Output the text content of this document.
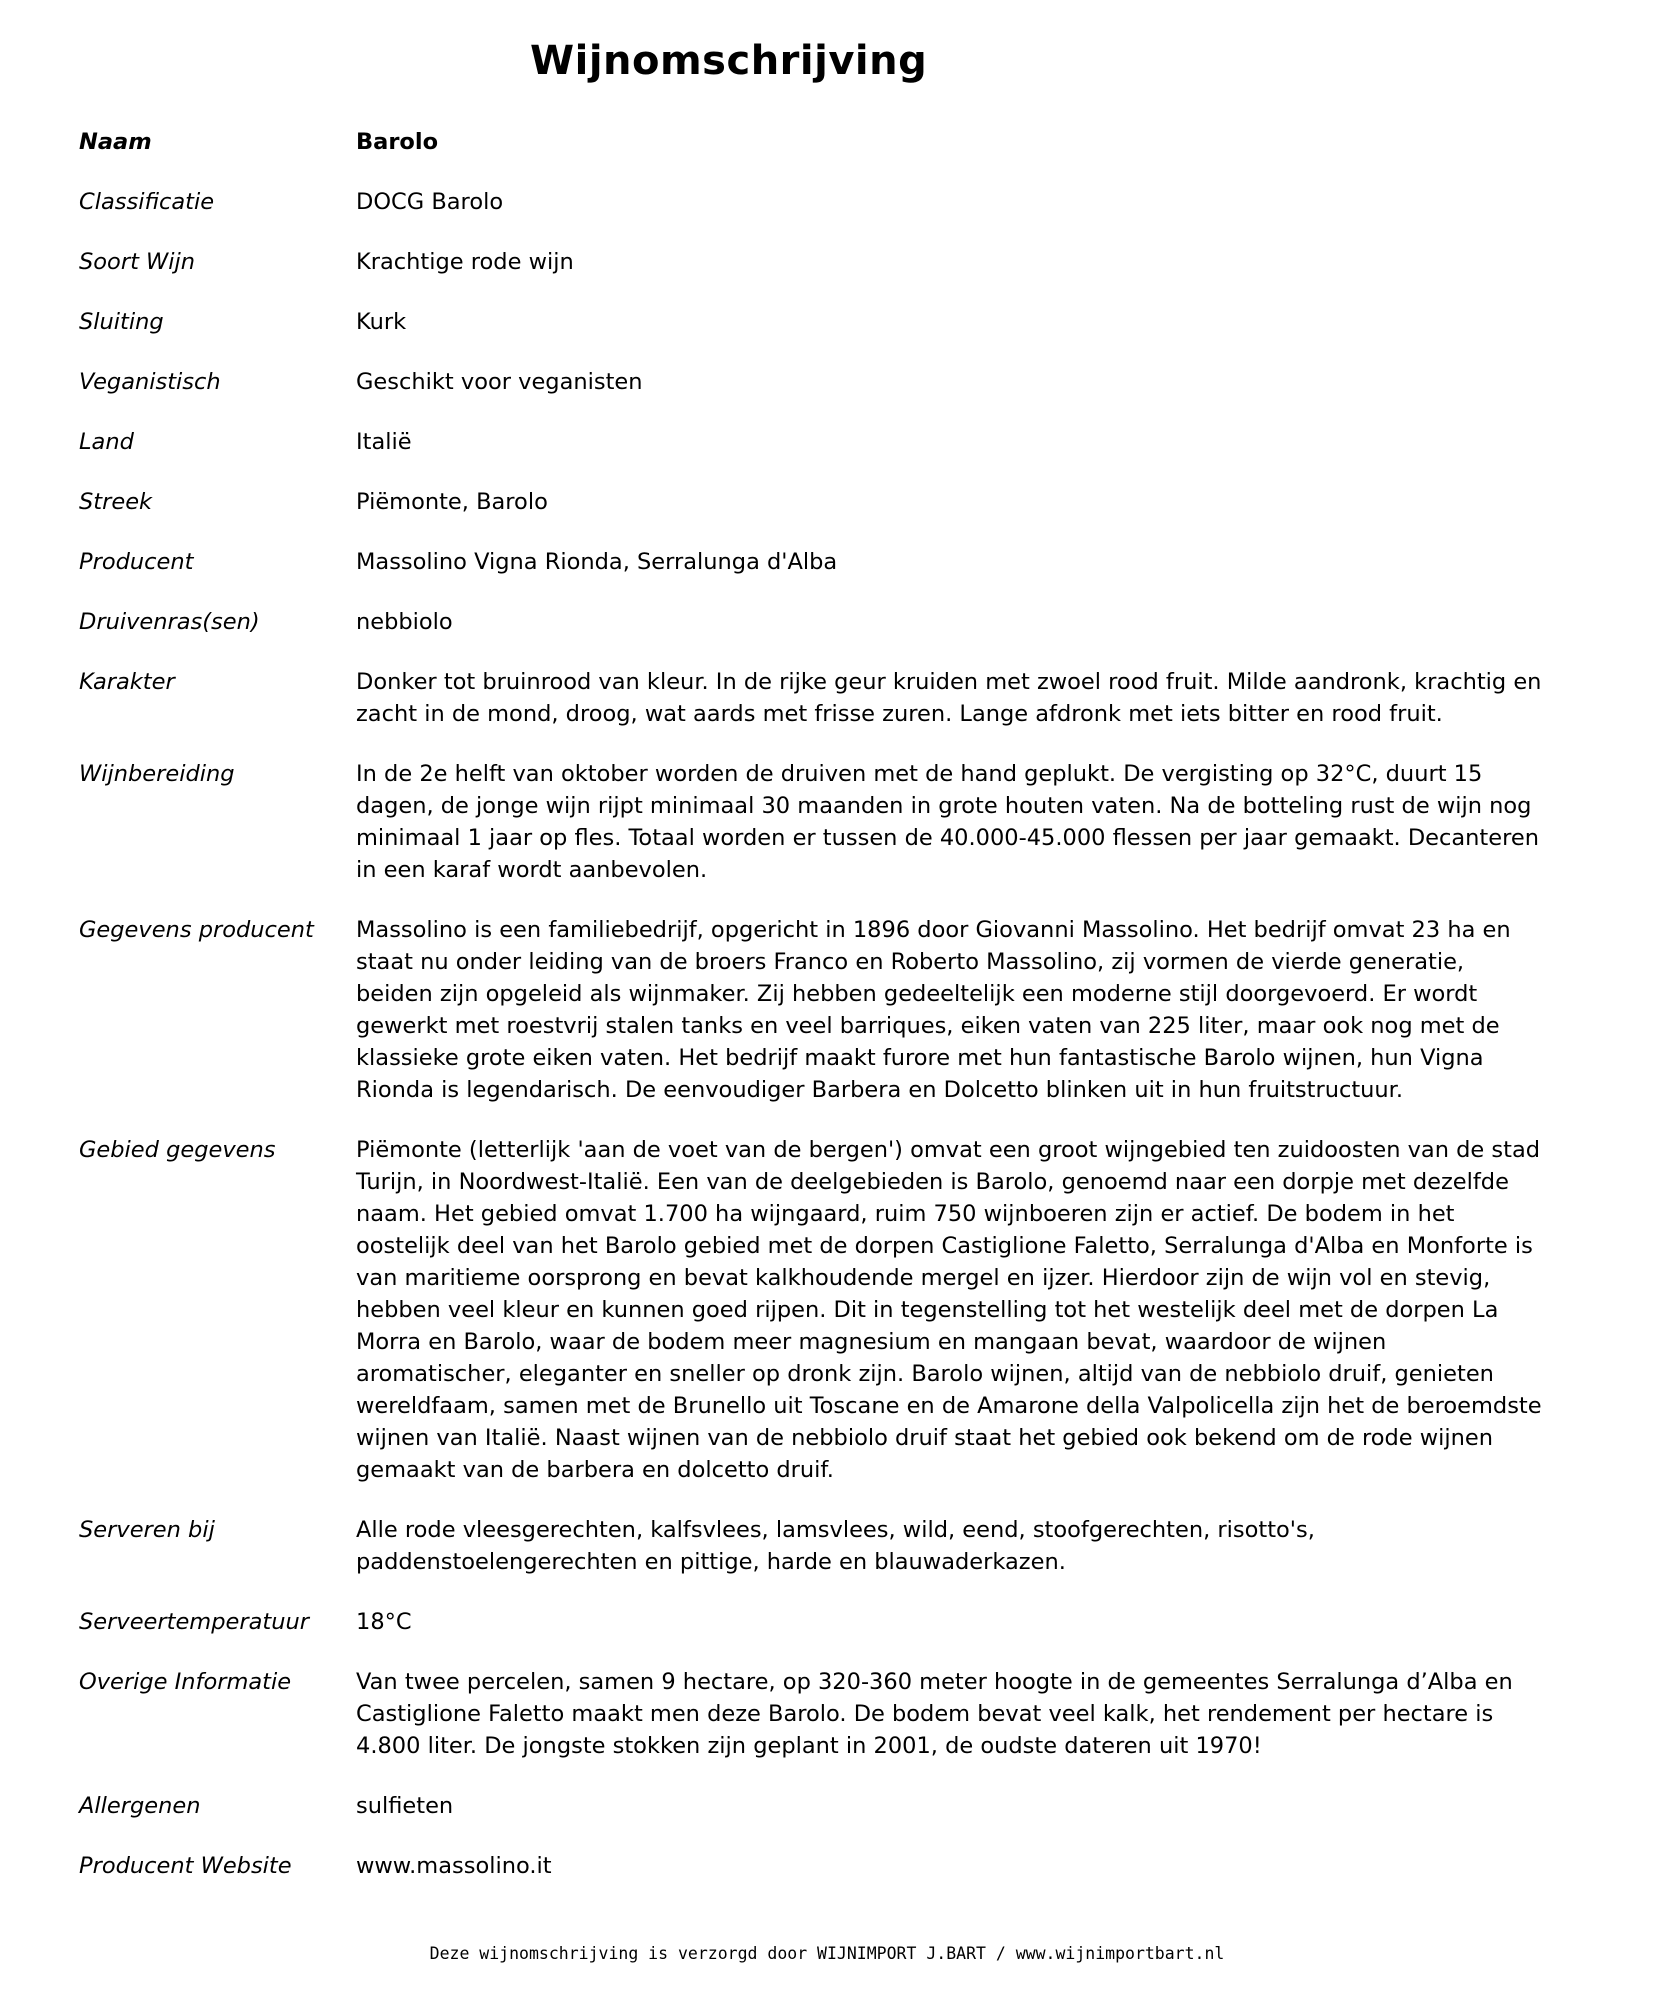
Wijnomschrijving
Naam	Barolo
Classificatie	DOCG Barolo
Soort Wijn	Krachtige rode wijn
Sluiting	Kurk
Veganistisch	Geschikt voor veganisten
Land	Italië
Streek	Piëmonte, Barolo
Producent	Massolino Vigna Rionda, Serralunga d'Alba
Druivenras(sen)	nebbiolo
Karakter	Donker tot bruinrood van kleur. In de rijke geur kruiden met zwoel rood fruit. Milde aandronk, krachtig en zacht in de mond, droog, wat aards met frisse zuren. Lange afdronk met iets bitter en rood fruit.
Wijnbereiding	In de 2e helft van oktober worden de druiven met de hand geplukt. De vergisting op 32°C, duurt 15 dagen, de jonge wijn rijpt minimaal 30 maanden in grote houten vaten. Na de botteling rust de wijn nog minimaal 1 jaar op fles. Totaal worden er tussen de 40.000-45.000 flessen per jaar gemaakt. Decanteren in een karaf wordt aanbevolen.
Gegevens producent	Massolino is een familiebedrijf, opgericht in 1896 door Giovanni Massolino. Het bedrijf omvat 23 ha en staat nu onder leiding van de broers Franco en Roberto Massolino, zij vormen de vierde generatie, beiden zijn opgeleid als wijnmaker. Zij hebben gedeeltelijk een moderne stijl doorgevoerd. Er wordt gewerkt met roestvrij stalen tanks en veel barriques, eiken vaten van 225 liter, maar ook nog met de klassieke grote eiken vaten. Het bedrijf maakt furore met hun fantastische Barolo wijnen, hun Vigna Rionda is legendarisch. De eenvoudiger Barbera en Dolcetto blinken uit in hun fruitstructuur.
Gebied gegevens	Piëmonte (letterlijk 'aan de voet van de bergen') omvat een groot wijngebied ten zuidoosten van de stad Turijn, in Noordwest-Italië. Een van de deelgebieden is Barolo, genoemd naar een dorpje met dezelfde naam. Het gebied omvat 1.700 ha wijngaard, ruim 750 wijnboeren zijn er actief. De bodem in het oostelijk deel van het Barolo gebied met de dorpen Castiglione Faletto, Serralunga d'Alba en Monforte is van maritieme oorsprong en bevat kalkhoudende mergel en ijzer. Hierdoor zijn de wijn vol en stevig, hebben veel kleur en kunnen goed rijpen. Dit in tegenstelling tot het westelijk deel met de dorpen La Morra en Barolo, waar de bodem meer magnesium en mangaan bevat, waardoor de wijnen aromatischer, eleganter en sneller op dronk zijn. Barolo wijnen, altijd van de nebbiolo druif, genieten wereldfaam, samen met de Brunello uit Toscane en de Amarone della Valpolicella zijn het de beroemdste wijnen van Italië. Naast wijnen van de nebbiolo druif staat het gebied ook bekend om de rode wijnen gemaakt van de barbera en dolcetto druif.
Serveren bij	Alle rode vleesgerechten, kalfsvlees, lamsvlees, wild, eend, stoofgerechten, risotto's, paddenstoelengerechten en pittige, harde en blauwaderkazen.
Serveertemperatuur	18°C
Overige Informatie	Van twee percelen, samen 9 hectare, op 320-360 meter hoogte in de gemeentes Serralunga d’Alba en Castiglione Faletto maakt men deze Barolo. De bodem bevat veel kalk, het rendement per hectare is 4.800 liter. De jongste stokken zijn geplant in 2001, de oudste dateren uit 1970!
Allergenen	sulfieten
Producent Website	www.massolino.it
Deze wijnomschrijving is verzorgd door WIJNIMPORT J.BART / www.wijnimportbart.nl
